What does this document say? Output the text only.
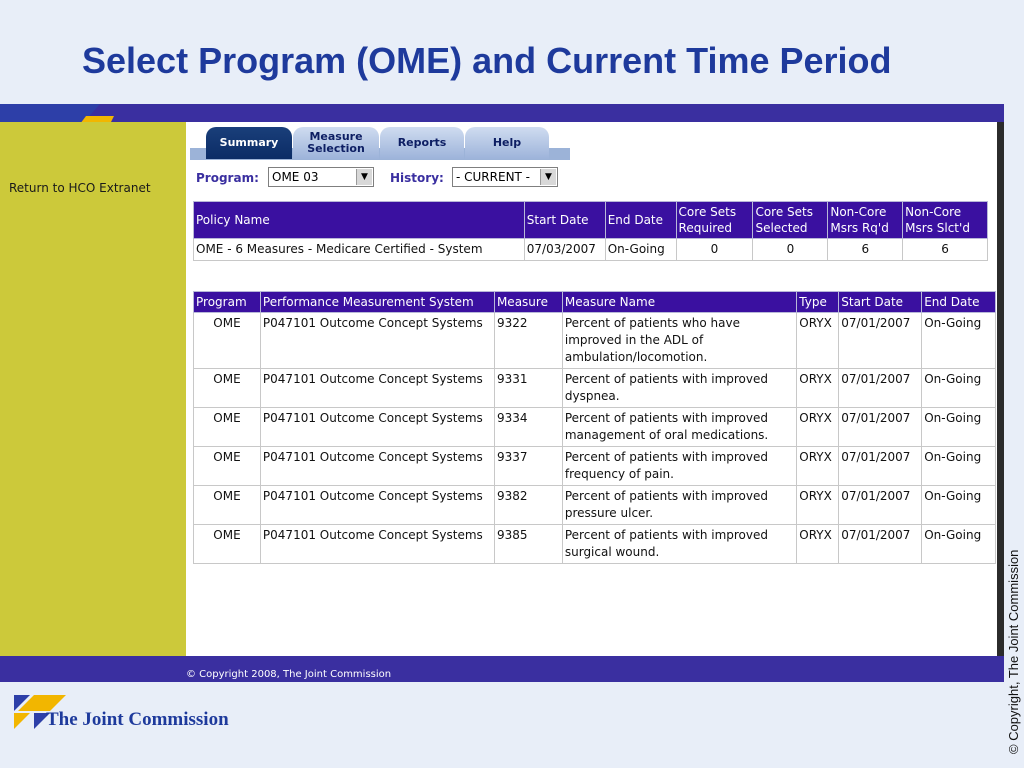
Select Program (OME) and Current Time Period
Return to HCO Extranet
Summary	Measure
Selection	Reports	Help
Program: OME 03	▼	History: - CURRENT -	▼
Policy Name	Start Date	End Date	Core Sets Required	Core Sets Selected	Non-Core Msrs Rq'd	Non-Core Msrs Slct'd
OME - 6 Measures - Medicare Certified - System	07/03/2007	On-Going	0	0	6	6
Program	Performance Measurement System	Measure	Measure Name	Type	Start Date	End Date
OME	P047101 Outcome Concept Systems	9322	Percent of patients who have improved in the ADL of ambulation/locomotion.	ORYX	07/01/2007	On-Going
OME	P047101 Outcome Concept Systems	9331	Percent of patients with improved dyspnea.	ORYX	07/01/2007	On-Going
OME	P047101 Outcome Concept Systems	9334	Percent of patients with improved management of oral medications.	ORYX	07/01/2007	On-Going
OME	P047101 Outcome Concept Systems	9337	Percent of patients with improved frequency of pain.	ORYX	07/01/2007	On-Going
OME	P047101 Outcome Concept Systems	9382	Percent of patients with improved pressure ulcer.	ORYX	07/01/2007	On-Going
OME	P047101 Outcome Concept Systems	9385	Percent of patients with improved surgical wound.	ORYX	07/01/2007	On-Going
© Copyright 2008, The Joint Commission
The Joint Commission	© Copyright, The Joint Commission
